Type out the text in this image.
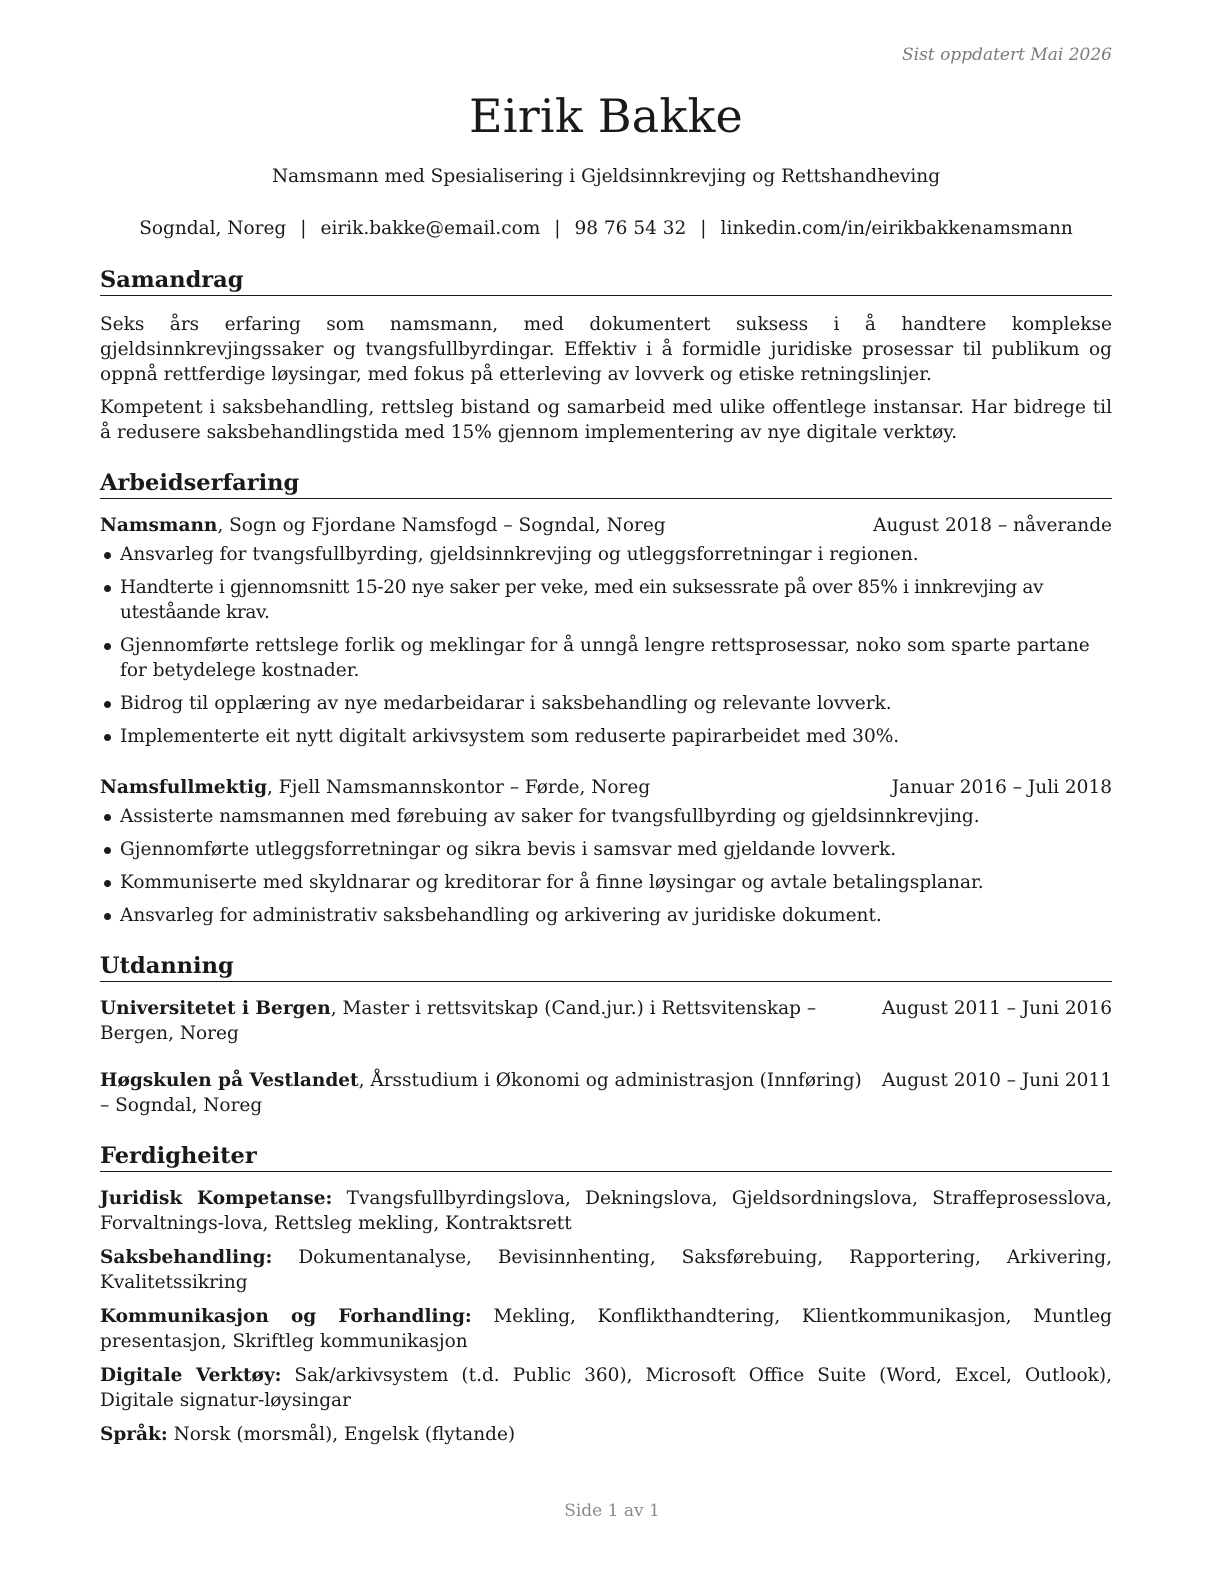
Sist oppdatert Mai 2026
Eirik Bakke
Namsmann med Spesialisering i Gjeldsinnkrevjing og Rettshandheving
Sogndal, Noreg | eirik.bakke@email.com | 98 76 54 32 | linkedin.com/in/eirikbakkenamsmann
Samandrag
Seks års erfaring som namsmann, med dokumentert suksess i å handtere komplekse gjeldsinnkrevjingssaker og tvangsfullbyrdingar. Effektiv i å formidle juridiske prosessar til publikum og oppnå rettferdige løysingar, med fokus på etterleving av lovverk og etiske retningslinjer.
Kompetent i saksbehandling, rettsleg bistand og samarbeid med ulike offentlege instansar. Har bidrege til å redusere saksbehandlingstida med 15% gjennom implementering av nye digitale verktøy.
Arbeidserfaring
Namsmann, Sogn og Fjordane Namsfogd – Sogndal, Noreg	August 2018 – nåverande
Ansvarleg for tvangsfullbyrding, gjeldsinnkrevjing og utleggsforretningar i regionen.
Handterte i gjennomsnitt 15-20 nye saker per veke, med ein suksessrate på over 85% i innkrevjing av uteståande krav.
Gjennomførte rettslege forlik og meklingar for å unngå lengre rettsprosessar, noko som sparte partane for betydelege kostnader.
Bidrog til opplæring av nye medarbeidarar i saksbehandling og relevante lovverk.
Implementerte eit nytt digitalt arkivsystem som reduserte papirarbeidet med 30%.
Namsfullmektig, Fjell Namsmannskontor – Førde, Noreg	Januar 2016 – Juli 2018
Assisterte namsmannen med førebuing av saker for tvangsfullbyrding og gjeldsinnkrevjing.
Gjennomførte utleggsforretningar og sikra bevis i samsvar med gjeldande lovverk.
Kommuniserte med skyldnarar og kreditorar for å finne løysingar og avtale betalingsplanar.
Ansvarleg for administrativ saksbehandling og arkivering av juridiske dokument.
Utdanning
Universitetet i Bergen, Master i rettsvitskap (Cand.jur.) i Rettsvitenskap – Bergen, Noreg
August 2011 – Juni 2016
Høgskulen på Vestlandet, Årsstudium i Økonomi og administrasjon (Innføring) – Sogndal, Noreg
August 2010 – Juni 2011
Ferdigheiter
Juridisk Kompetanse: Tvangsfullbyrdingslova, Dekningslova, Gjeldsordningslova, Straffeprosesslova, Forvaltnings-lova, Rettsleg mekling, Kontraktsrett
Saksbehandling: Dokumentanalyse, Bevisinnhenting, Saksførebuing, Rapportering, Arkivering, Kvalitetssikring
Kommunikasjon og Forhandling: Mekling, Konflikthandtering, Klientkommunikasjon, Muntleg presentasjon, Skriftleg kommunikasjon
Digitale Verktøy: Sak/arkivsystem (t.d. Public 360), Microsoft Office Suite (Word, Excel, Outlook), Digitale signatur-løysingar
Språk: Norsk (morsmål), Engelsk (flytande)
Side 1 av 1
